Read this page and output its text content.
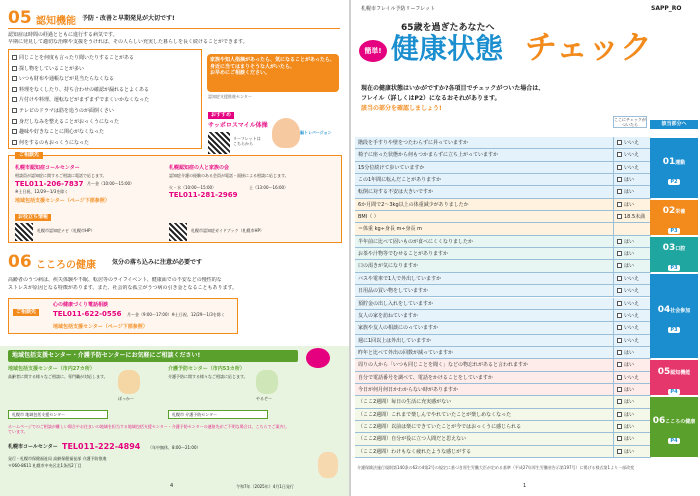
05 認知機能 予防・改善と早期発見が大切です!
認知症は時間の経過とともに進行する病気です。
早期に発見して適切な治療や支援をうければ、その人らしい充実した暮らしを長く続けることができます。
同じことを何度も言ったり聞いたりすることがある
探し物をしていることが多い
いつも財布や通帳などが見当たらなくなる
料理をなくしたり、持ち合わせの確認が漏れるとよくある
片付けや料理、運転などがまずまずでまくいかなくなった
テレビのドラマは筋を追うのが面倒くさい
身だしなみを整えることがおっくうになった
趣味や好きなことに関心がなくなった
何をするのもおっくうになった
家族や知人指摘があったら、気になることがあったら、身近に当てはまりそうな人がいたら、
お早めにご相談ください。
認知症支援推進センター
おすすめ
サッポロスマイル体操
リーフレットはこちらから
脳トレバージョン
ご相談先
札幌市認知症コールセンター
相談員が認知症に関するご相談に電話で応じます。
TEL011-206-7837 月～金（10:00～15:00）
※土日祝、12/29～1/3を除く
地域包括支援センター（ページ下部参照）
札幌認知症の人と家族の会
認知症介護の経験のある会員が電話・面接による相談に応じます。
火・水（10:00～15:00）
TEL011-281-2969
土（13:00～16:00）
お役立ち情報
札幌市認知症ナビ（札幌市HP）	札幌市認知症ガイドブック（札幌市HP）
06 こころの健康	気分の落ち込みに注意が必要です
高齢者のうつ病は、疾失体験や不眠、転居等のライフイベント、健康面での不安などの慢性的な
ストレスが原因となる特徴があります。また、社会的な孤立がうつ病の引き金となることもあります。
ご相談先
心の健康づくり電話相談
TEL011-622-0556 月～金（9:00～17:00）※土日祝、12/29～1/3を除く
地域包括支援センター（ページ下部参照）
地域包括支援センター・介護予防センターにお気軽にご相談ください!
地域包括支援センター（市内27カ所）
高齢者に関する様々なご相談に、専門職が対応します。
ぼっかー
介護予防センター（市内53カ所）
介護予防に関する様々なご相談に応じます。
やるぞー
札幌市 地域包括支援センター	札幌市 介護予防センター
ホームページでのご相談が難しい場合やお住まいの地域を担当する地域包括支援センター・介護予防センターの連絡先がご不明な場合は、こちらでご案内しています。
札幌市コールセンター TEL011-222-4894 （年中無休、8:00～21:00）
発行・札幌市保健福祉局 高齢保健福祉部 介護予防推進
〒060-8611 札幌市中央区北1条西2丁目
4	令和7年（2025年）4月1日発行
札幌市フレイル予防リーフレット	SAPP_RO
65歳を過ぎたあなたへ
簡単! 健康状態 チェック
現在の健康状態はいかがですか?各項目でチェックがついた場合は、
フレイル（詳しくはP2）になるおそれがあります。
該当の部分を確認しましょう!
ここにチェックがついたら	該当部分へ
階段を手すりや壁をつたわらずに昇っていますか	いいえ
椅子に座った状態から何もつかまらずに立ち上がっていますか	いいえ
15分位続けて歩いていますか	いいえ
この1年間に転んだことがありますか	はい
転倒に対する不安は大きいですか	はい
6か月間で2～3kg以上の体重減少がありましたか	はい
BMI（ ）	18.5未満
＝体重 kg÷身長 m÷身長 m
半年前に比べて固いものが食べにくくなりましたか	はい
お茶や汁物等でむせることがありますか	はい
口の渇きが気になりますか	はい
バスや電車で1人で外出していますか	いいえ
日用品の買い物をしていますか	いいえ
預貯金の出し入れをしていますか	いいえ
友人の家を訪ねていますか	いいえ
家族や友人の相談にのっていますか	いいえ
週に1回以上は外出していますか	いいえ
昨年と比べて外出の回数が減っていますか	はい
周りの人から「いつも同じことを聞く」などの物忘れがあると言われますか	はい
自分で電話番号を調べて、電話をかけることをしていますか	いいえ
今日が何月何日かわからない時がありますか	はい
（ここ2週間）毎日の生活に充実感がない	はい
（ここ2週間）これまで楽しんでやれていたことが楽しめなくなった	はい
（ここ2週間）以前は楽にできていたことが今ではおっくうに感じられる	はい
（ここ2週間）自分が役に立つ人間だと思えない	はい
（ここ2週間）わけもなく疲れたような感じがする	はい
01運動
P2
02栄養
P3
03口腔
P3
04社会参加
P3
05認知機能
P4
06こころの健康
P4
介護保険法施行規則第140条の62の4第2号の規定に基づき厚生労働大臣が定める基準（平成27年厚生労働省告示第197号）に掲げる様式第1より一部改変
1
